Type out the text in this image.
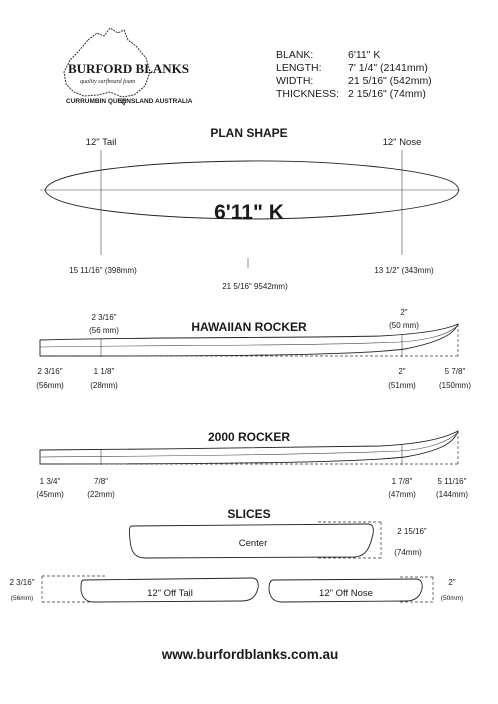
BURFORD BLANKS
quality surfboard foam
CURRUMBIN QUEENSLAND AUSTRALIA
BLANK:	6'11" K
LENGTH:	7' 1/4" (2141mm)
WIDTH:	21 5/16" (542mm)
THICKNESS: 2 15/16" (74mm)
PLAN SHAPE
12" Tail	12" Nose
6'11" K
15 11/16" (398mm)
21 5/16" 9542mm)
13 1/2" (343mm)
2 3/16"
(56 mm)	HAWAIIAN ROCKER
2"
(50 mm)
2 3/16"
(56mm)
1 1/8"
(28mm)
2"
(51mm)
5 7/8"
(150mm)
2000 ROCKER
1 3/4"
(45mm)
7/8"
(22mm)
1 7/8"
(47mm)
5 11/16"
(144mm)
SLICES
Center
2 15/16"
(74mm)
12" Off Tail
2 3/16"
(56mm)	12" Off Nose
2"
(50mm)
www.burfordblanks.com.au
